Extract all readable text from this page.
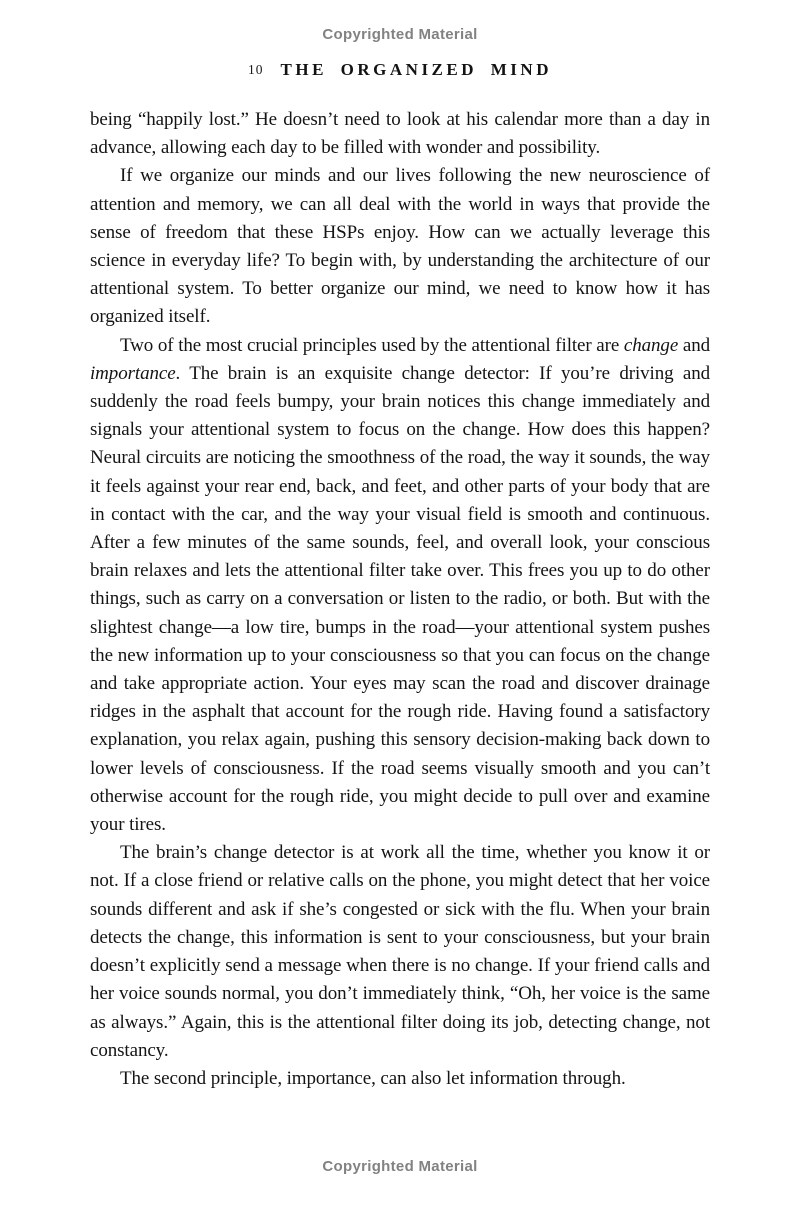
Copyrighted Material
10 THE ORGANIZED MIND

being “happily lost.” He doesn’t need to look at his calendar more than a day in advance, allowing each day to be filled with wonder and possibility.

If we organize our minds and our lives following the new neuroscience of attention and memory, we can all deal with the world in ways that provide the sense of freedom that these HSPs enjoy. How can we actually leverage this science in everyday life? To begin with, by understanding the architecture of our attentional system. To better organize our mind, we need to know how it has organized itself.

Two of the most crucial principles used by the attentional filter are change and importance. The brain is an exquisite change detector: If you’re driving and suddenly the road feels bumpy, your brain notices this change immediately and signals your attentional system to focus on the change. How does this happen? Neural circuits are noticing the smoothness of the road, the way it sounds, the way it feels against your rear end, back, and feet, and other parts of your body that are in contact with the car, and the way your visual field is smooth and continuous. After a few minutes of the same sounds, feel, and overall look, your conscious brain relaxes and lets the attentional filter take over. This frees you up to do other things, such as carry on a conversation or listen to the radio, or both. But with the slightest change—a low tire, bumps in the road—your attentional system pushes the new information up to your consciousness so that you can focus on the change and take appropriate action. Your eyes may scan the road and discover drainage ridges in the asphalt that account for the rough ride. Having found a satisfactory explanation, you relax again, pushing this sensory decision-making back down to lower levels of consciousness. If the road seems visually smooth and you can’t otherwise account for the rough ride, you might decide to pull over and examine your tires.

The brain’s change detector is at work all the time, whether you know it or not. If a close friend or relative calls on the phone, you might detect that her voice sounds different and ask if she’s congested or sick with the flu. When your brain detects the change, this information is sent to your consciousness, but your brain doesn’t explicitly send a message when there is no change. If your friend calls and her voice sounds normal, you don’t immediately think, “Oh, her voice is the same as always.” Again, this is the attentional filter doing its job, detecting change, not constancy.

The second principle, importance, can also let information through.

Copyrighted Material
